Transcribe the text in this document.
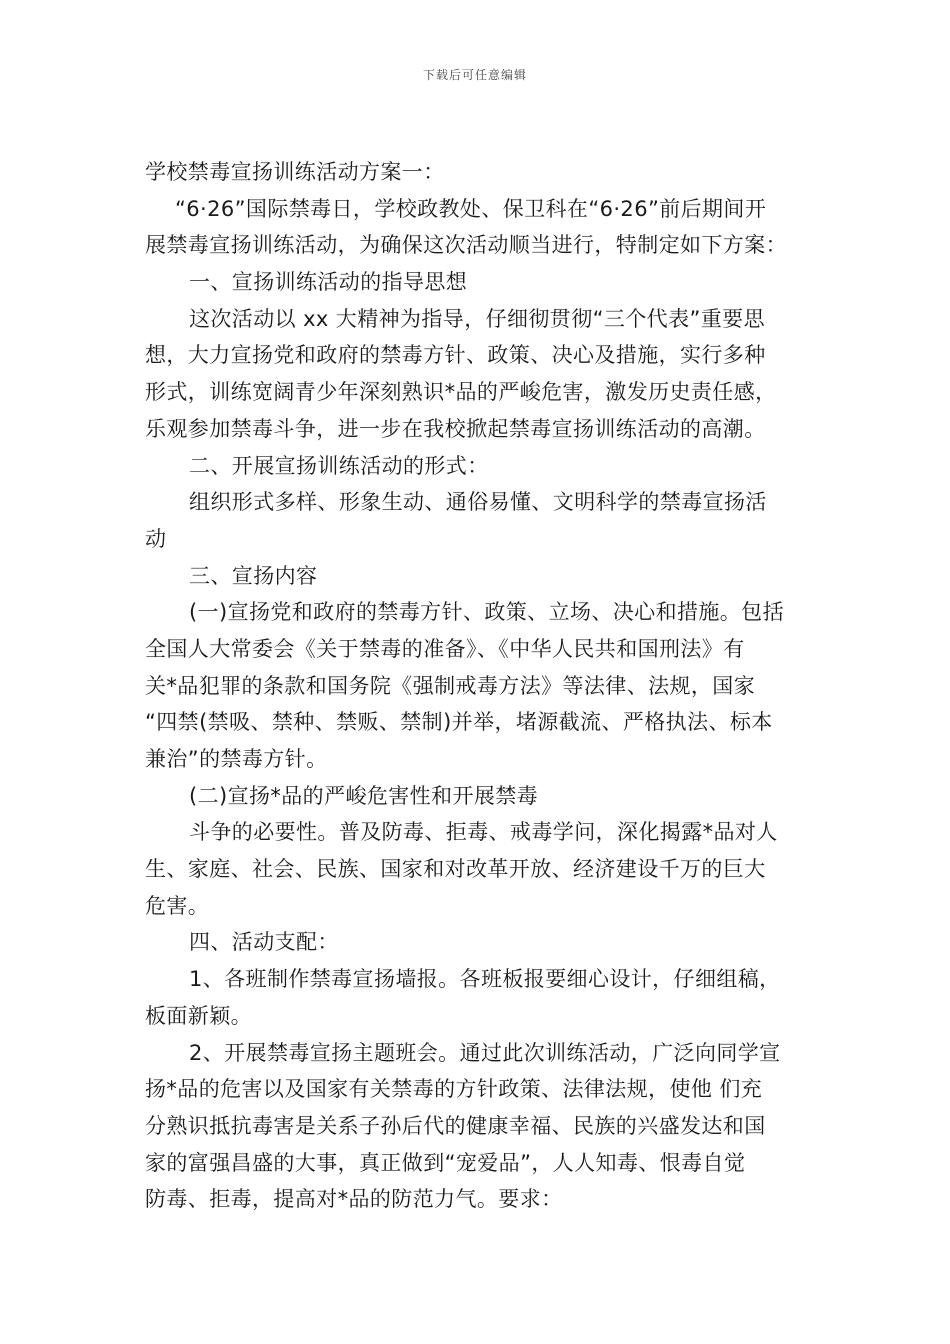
下载后可任意编辑
学校禁毒宣扬训练活动方案一：
“6·26”国际禁毒日，学校政教处、保卫科在“6·26”前后期间开
展禁毒宣扬训练活动，为确保这次活动顺当进行，特制定如下方案：
一、宣扬训练活动的指导思想
这次活动以 xx 大精神为指导，仔细彻贯彻“三个代表”重要思
想，大力宣扬党和政府的禁毒方针、政策、决心及措施，实行多种
形式，训练宽阔青少年深刻熟识*品的严峻危害，激发历史责任感，
乐观参加禁毒斗争，进一步在我校掀起禁毒宣扬训练活动的高潮。
二、开展宣扬训练活动的形式：
组织形式多样、形象生动、通俗易懂、文明科学的禁毒宣扬活
动
三、宣扬内容
(一)宣扬党和政府的禁毒方针、政策、立场、决心和措施。包括
全国人大常委会《关于禁毒的准备》、《中华人民共和国刑法》有
关*品犯罪的条款和国务院《强制戒毒方法》等法律、法规，国家
“四禁(禁吸、禁种、禁贩、禁制)并举，堵源截流、严格执法、标本
兼治”的禁毒方针。
(二)宣扬*品的严峻危害性和开展禁毒
斗争的必要性。普及防毒、拒毒、戒毒学问，深化揭露*品对人
生、家庭、社会、民族、国家和对改革开放、经济建设千万的巨大
危害。
四、活动支配：
1、各班制作禁毒宣扬墙报。各班板报要细心设计，仔细组稿，
板面新颖。
2、开展禁毒宣扬主题班会。通过此次训练活动，广泛向同学宣
扬*品的危害以及国家有关禁毒的方针政策、法律法规，使他 们充
分熟识抵抗毒害是关系子孙后代的健康幸福、民族的兴盛发达和国
家的富强昌盛的大事，真正做到“宠爱品”，人人知毒、恨毒自觉
防毒、拒毒，提高对*品的防范力气。要求：
